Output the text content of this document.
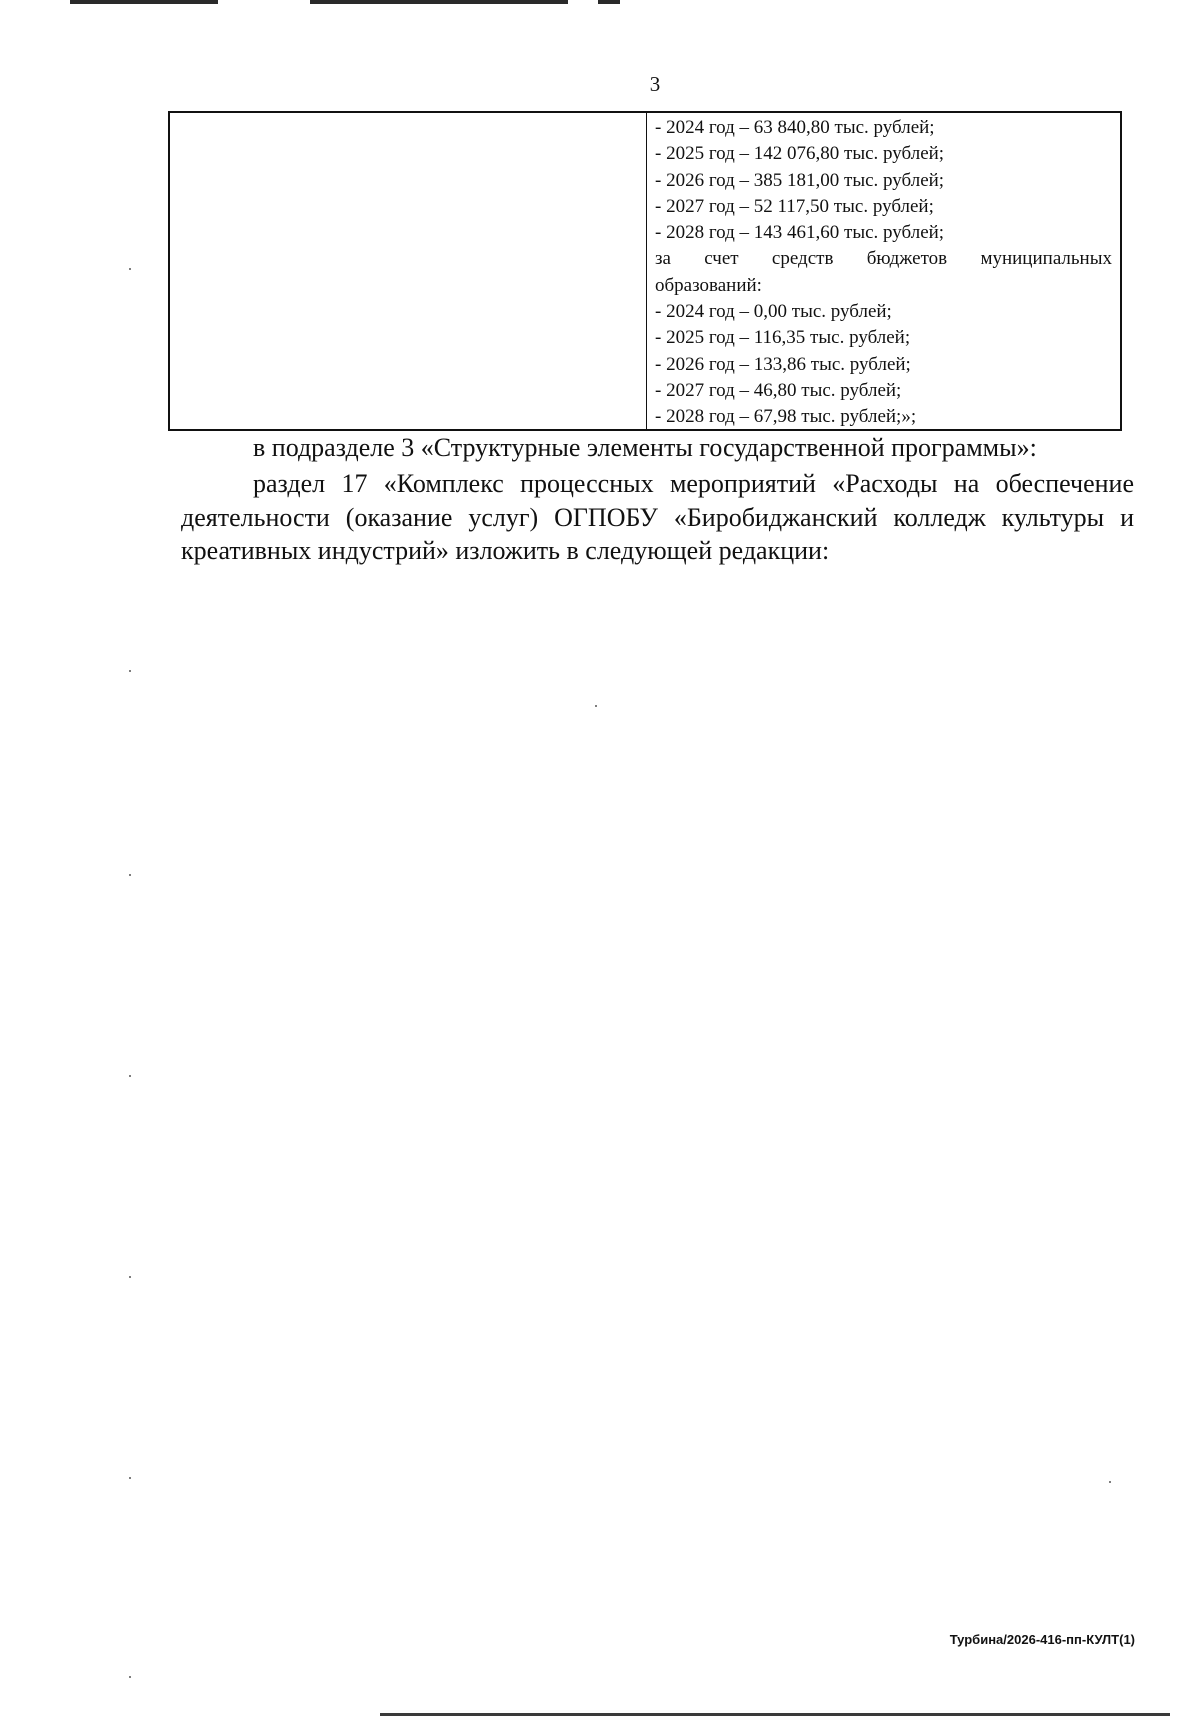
3
- 2024 год – 63 840,80 тыс. рублей;
- 2025 год – 142 076,80 тыс. рублей;
- 2026 год – 385 181,00 тыс. рублей;
- 2027 год – 52 117,50 тыс. рублей;
- 2028 год – 143 461,60 тыс. рублей;
за счет средств бюджетов муниципальных
образований:
- 2024 год – 0,00 тыс. рублей;
- 2025 год – 116,35 тыс. рублей;
- 2026 год – 133,86 тыс. рублей;
- 2027 год – 46,80 тыс. рублей;
- 2028 год – 67,98 тыс. рублей;»;
в подразделе 3 «Структурные элементы государственной программы»:
раздел 17 «Комплекс процессных мероприятий «Расходы на обеспечение деятельности (оказание услуг) ОГПОБУ «Биробиджанский колледж культуры и креативных индустрий» изложить в следующей редакции:
Турбина/2026-416-пп-КУЛТ(1)
